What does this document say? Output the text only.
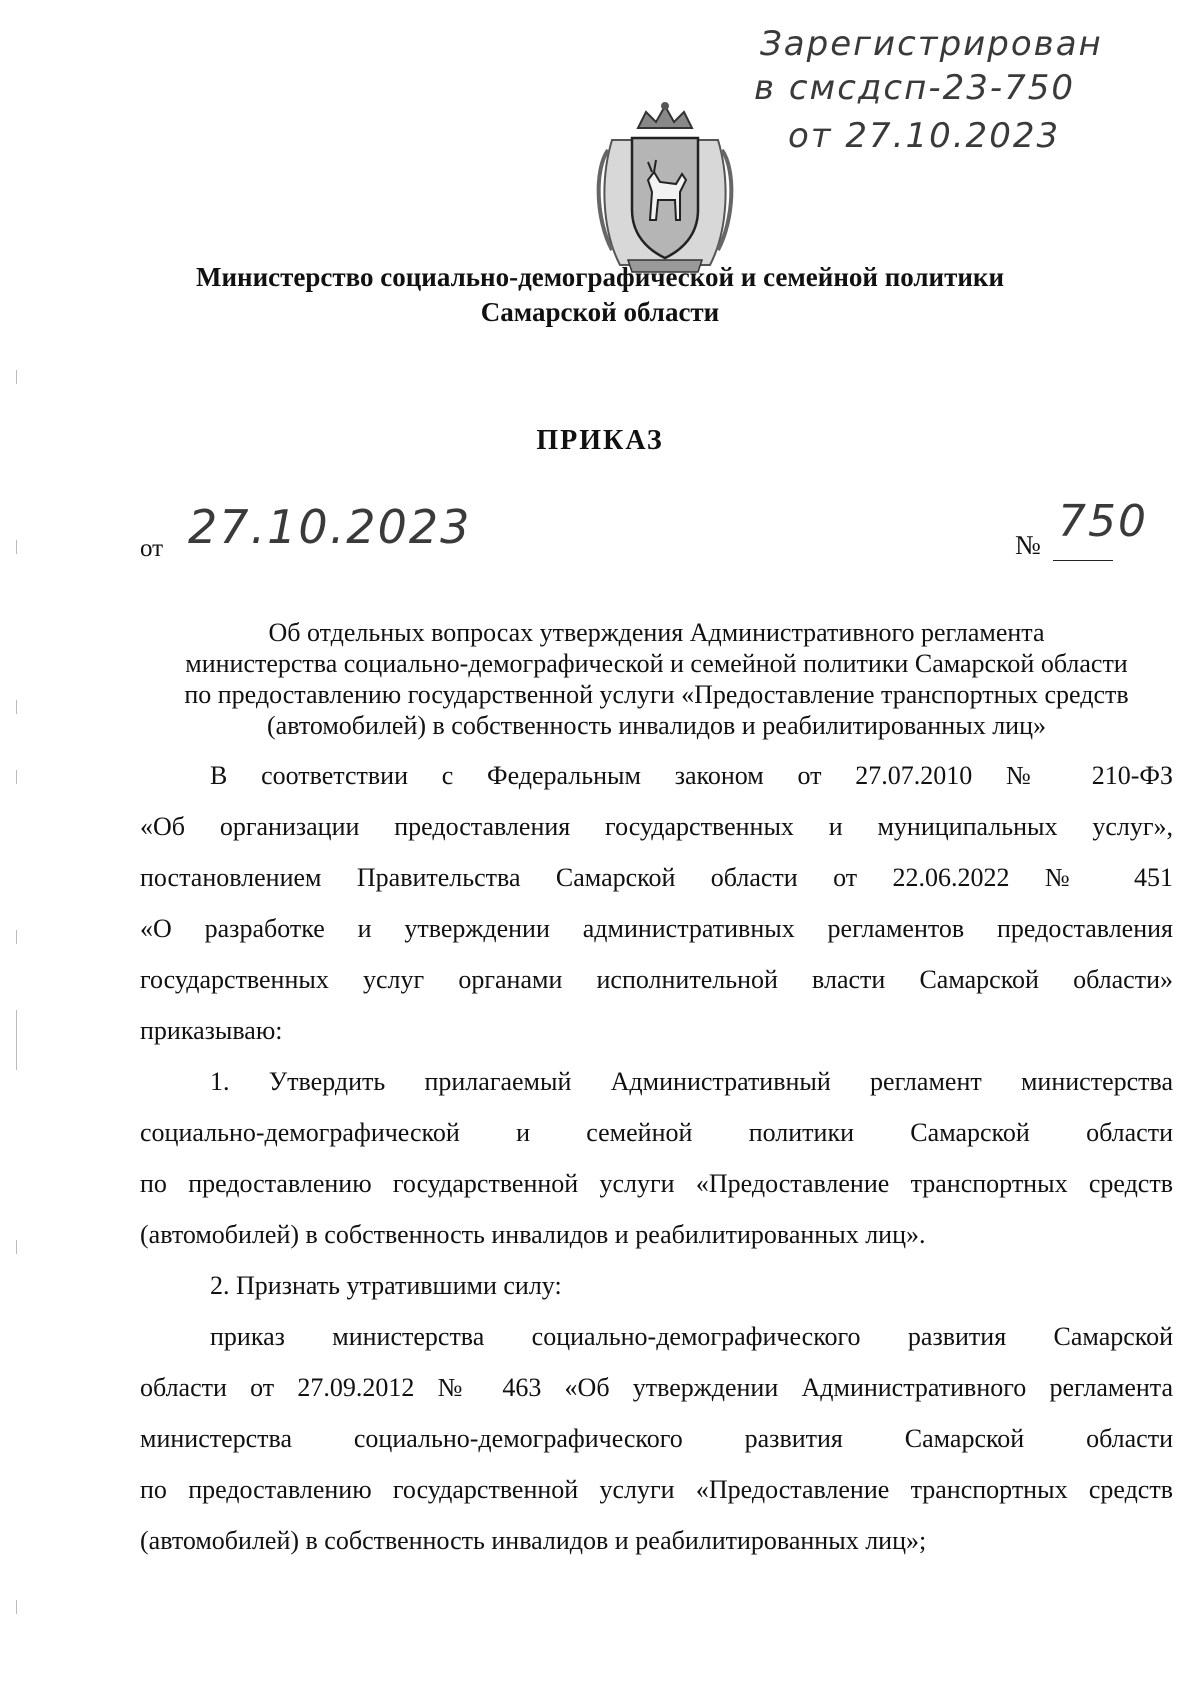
Зарегистрирован
в смсдсп-23-750
от 27.10.2023
Министерство социально-демографической и семейной политики
Самарской области
ПРИКАЗ
от 27.10.2023	№ 750
Об отдельных вопросах утверждения Административного регламента
министерства социально-демографической и семейной политики Самарской области
по предоставлению государственной услуги «Предоставление транспортных средств
(автомобилей) в собственность инвалидов и реабилитированных лиц»
В соответствии с Федеральным законом от 27.07.2010 № 210-ФЗ
«Об организации предоставления государственных и муниципальных услуг»,
постановлением Правительства Самарской области от 22.06.2022 № 451
«О разработке и утверждении административных регламентов предоставления
государственных услуг органами исполнительной власти Самарской области»
приказываю:
1. Утвердить прилагаемый Административный регламент министерства
социально-демографической и семейной политики Самарской области
по предоставлению государственной услуги «Предоставление транспортных средств
(автомобилей) в собственность инвалидов и реабилитированных лиц».
2. Признать утратившими силу:
приказ министерства социально-демографического развития Самарской
области от 27.09.2012 № 463 «Об утверждении Административного регламента
министерства социально-демографического развития Самарской области
по предоставлению государственной услуги «Предоставление транспортных средств
(автомобилей) в собственность инвалидов и реабилитированных лиц»;
